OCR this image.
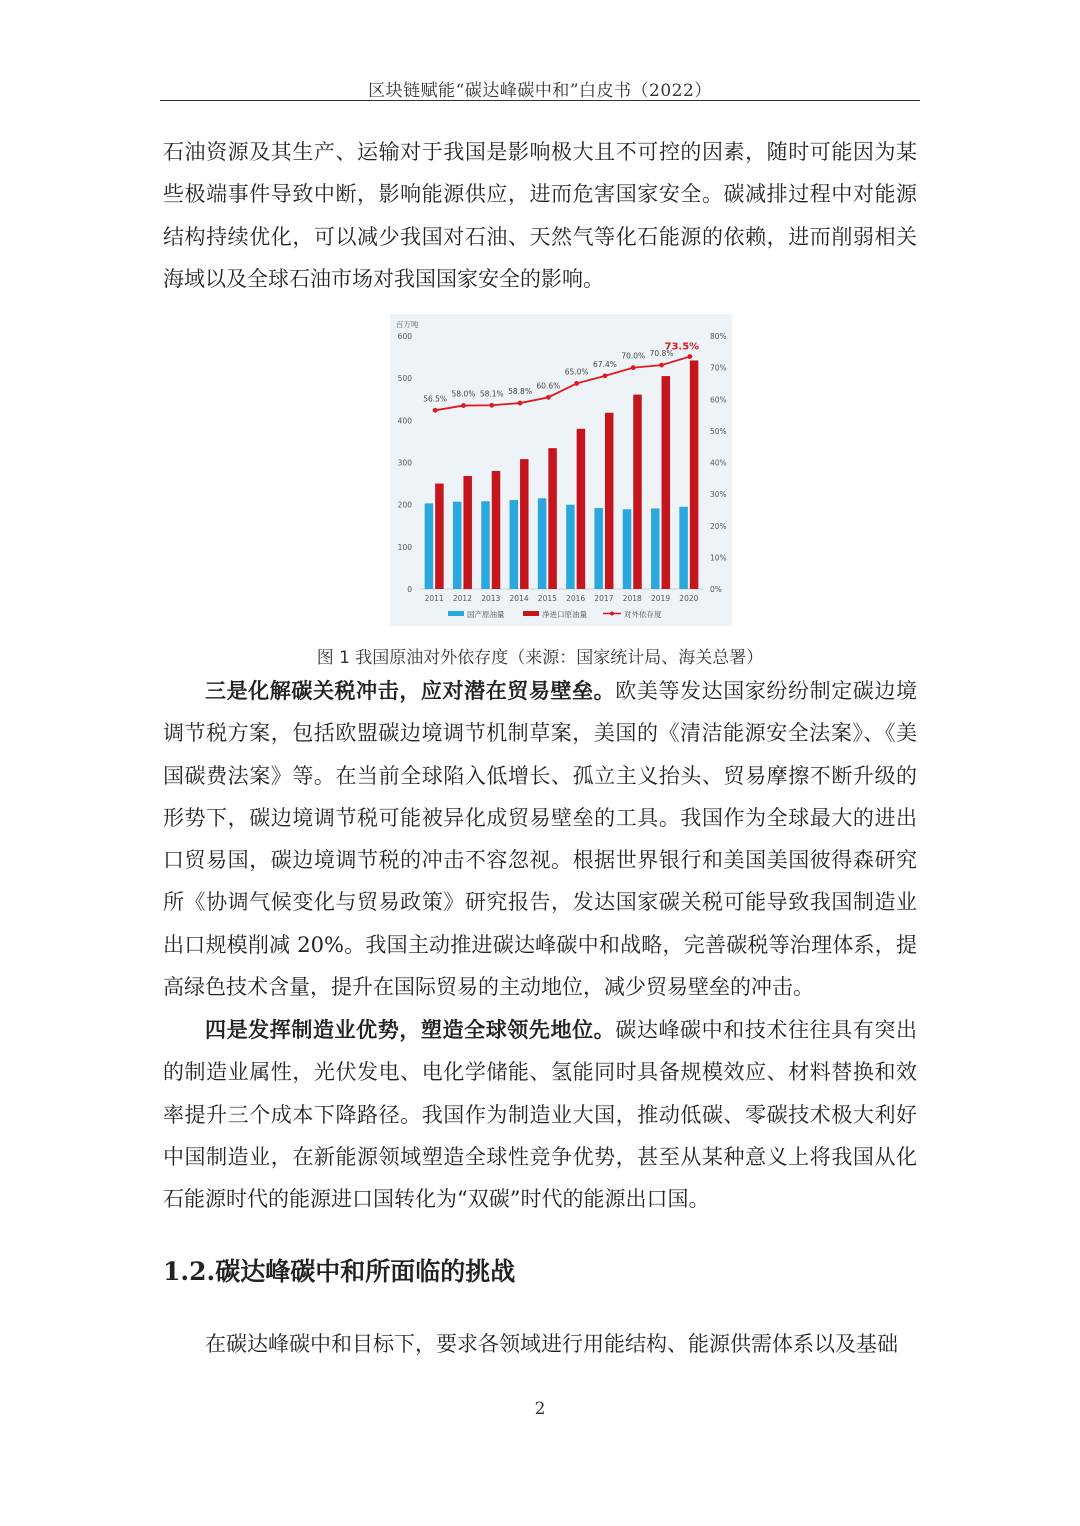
区块链赋能“碳达峰碳中和”白皮书（2022）

石油资源及其生产、运输对于我国是影响极大且不可控的因素，随时可能因为某些极端事件导致中断，影响能源供应，进而危害国家安全。碳减排过程中对能源结构持续优化，可以减少我国对石油、天然气等化石能源的依赖，进而削弱相关海域以及全球石油市场对我国国家安全的影响。

百万吨
0
100
200
300
400
500
600
0%
10%
20%
30%
40%
50%
60%
70%
80%
2011 2012 2013 2014 2015 2016 2017 2018 2019 2020
56.5%
58.0% 58.1% 58.8%
60.6%
65.0%
67.4%
70.0% 70.8%
73.5%
国产原油量	净进口原油量	对外依存度
图 1 我国原油对外依存度（来源：国家统计局、海关总署）

三是化解碳关税冲击，应对潜在贸易壁垒。欧美等发达国家纷纷制定碳边境调节税方案，包括欧盟碳边境调节机制草案，美国的《清洁能源安全法案》、《美国碳费法案》等。在当前全球陷入低增长、孤立主义抬头、贸易摩擦不断升级的形势下，碳边境调节税可能被异化成贸易壁垒的工具。我国作为全球最大的进出口贸易国，碳边境调节税的冲击不容忽视。根据世界银行和美国美国彼得森研究所《协调气候变化与贸易政策》研究报告，发达国家碳关税可能导致我国制造业出口规模削减 20%。我国主动推进碳达峰碳中和战略，完善碳税等治理体系，提高绿色技术含量，提升在国际贸易的主动地位，减少贸易壁垒的冲击。

四是发挥制造业优势，塑造全球领先地位。碳达峰碳中和技术往往具有突出的制造业属性，光伏发电、电化学储能、氢能同时具备规模效应、材料替换和效率提升三个成本下降路径。我国作为制造业大国，推动低碳、零碳技术极大利好中国制造业，在新能源领域塑造全球性竞争优势，甚至从某种意义上将我国从化石能源时代的能源进口国转化为“双碳”时代的能源出口国。

1.2.碳达峰碳中和所面临的挑战

在碳达峰碳中和目标下，要求各领域进行用能结构、能源供需体系以及基础

2
